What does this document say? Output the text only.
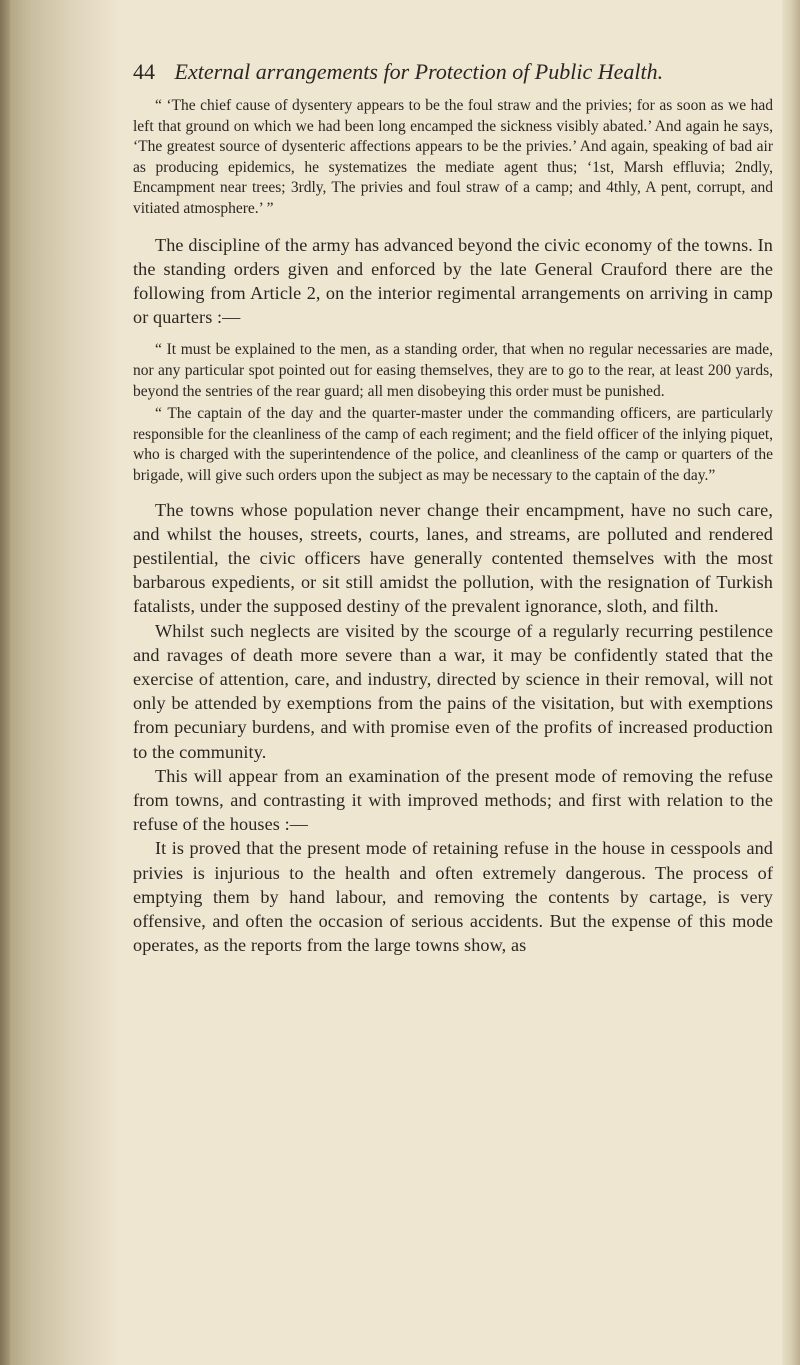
44 External arrangements for Protection of Public Health.

“ ‘The chief cause of dysentery appears to be the foul straw and the privies; for as soon as we had left that ground on which we had been long encamped the sickness visibly abated.’ And again he says, ‘The greatest source of dysenteric affections appears to be the privies.’ And again, speaking of bad air as producing epidemics, he systematizes the mediate agent thus; ‘1st, Marsh effluvia; 2ndly, Encampment near trees; 3rdly, The privies and foul straw of a camp; and 4thly, A pent, corrupt, and vitiated atmosphere.’ ”

The discipline of the army has advanced beyond the civic economy of the towns. In the standing orders given and enforced by the late General Crauford there are the following from Article 2, on the interior regimental arrangements on arriving in camp or quarters :—

“ It must be explained to the men, as a standing order, that when no regular necessaries are made, nor any particular spot pointed out for easing themselves, they are to go to the rear, at least 200 yards, beyond the sentries of the rear guard; all men disobeying this order must be punished.

“ The captain of the day and the quarter-master under the commanding officers, are particularly responsible for the cleanliness of the camp of each regiment; and the field officer of the inlying piquet, who is charged with the superintendence of the police, and cleanliness of the camp or quarters of the brigade, will give such orders upon the subject as may be necessary to the captain of the day.”

The towns whose population never change their encampment, have no such care, and whilst the houses, streets, courts, lanes, and streams, are polluted and rendered pestilential, the civic officers have generally contented themselves with the most barbarous expedients, or sit still amidst the pollution, with the resignation of Turkish fatalists, under the supposed destiny of the prevalent ignorance, sloth, and filth.

Whilst such neglects are visited by the scourge of a regularly recurring pestilence and ravages of death more severe than a war, it may be confidently stated that the exercise of attention, care, and industry, directed by science in their removal, will not only be attended by exemptions from the pains of the visitation, but with exemptions from pecuniary burdens, and with promise even of the profits of increased production to the community.

This will appear from an examination of the present mode of removing the refuse from towns, and contrasting it with improved methods; and first with relation to the refuse of the houses :—

It is proved that the present mode of retaining refuse in the house in cesspools and privies is injurious to the health and often extremely dangerous. The process of emptying them by hand labour, and removing the contents by cartage, is very offensive, and often the occasion of serious accidents. But the expense of this mode operates, as the reports from the large towns show, as
